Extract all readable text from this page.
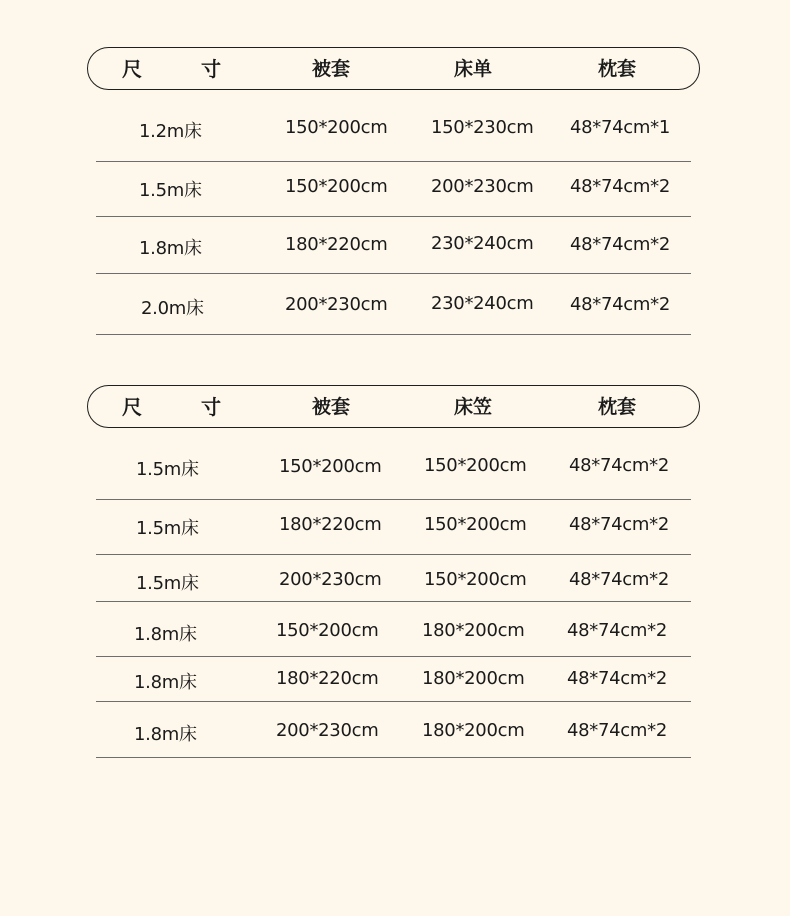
尺 寸	被套	床单	枕套
1.2m床	150*200cm 150*230cm 48*74cm*1
1.5m床	150*200cm 200*230cm 48*74cm*2
1.8m床	180*220cm 230*240cm 48*74cm*2
2.0m床	200*230cm 230*240cm 48*74cm*2
尺 寸	被套	床笠	枕套
1.5m床	150*200cm 150*200cm 48*74cm*2
1.5m床	180*220cm 150*200cm 48*74cm*2
1.5m床	200*230cm 150*200cm 48*74cm*2
1.8m床	150*200cm 180*200cm 48*74cm*2
1.8m床	180*220cm 180*200cm 48*74cm*2
1.8m床	200*230cm 180*200cm 48*74cm*2
